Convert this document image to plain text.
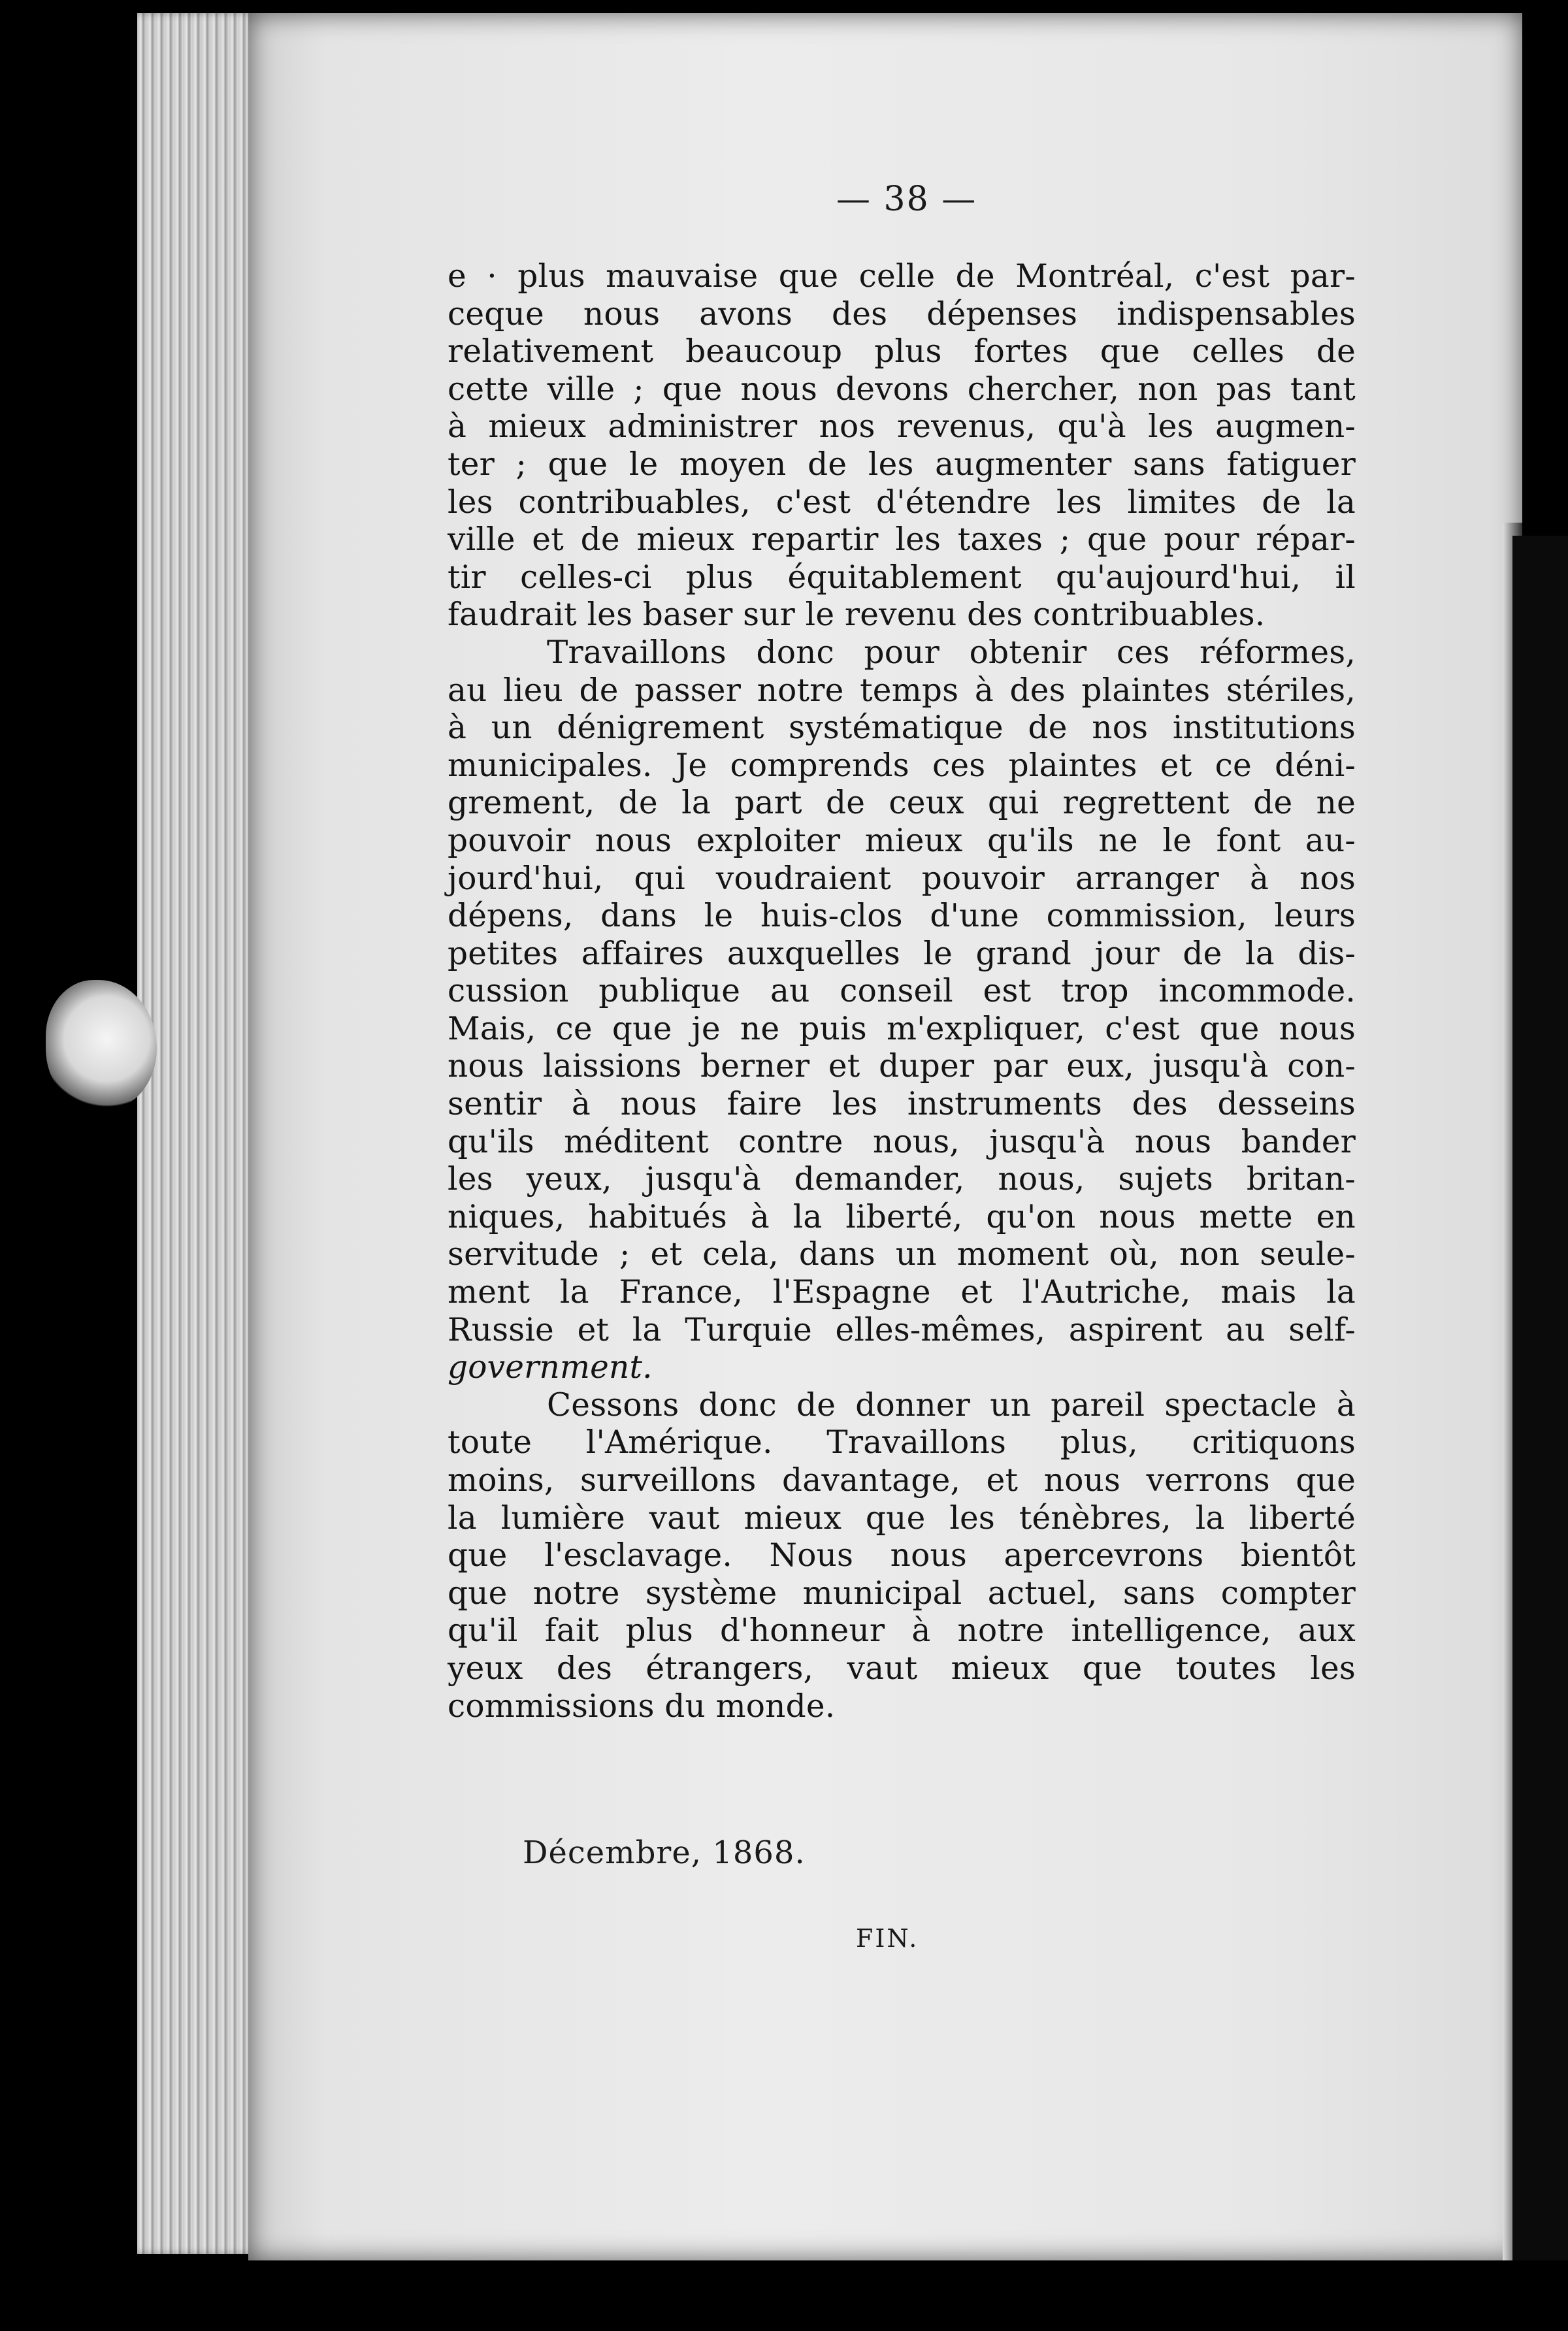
— 38 —
e · plus mauvaise que celle de Montréal, c'est par-
ceque nous avons des dépenses indispensables
relativement beaucoup plus fortes que celles de
cette ville ; que nous devons chercher, non pas tant
à mieux administrer nos revenus, qu'à les augmen-
ter ; que le moyen de les augmenter sans fatiguer
les contribuables, c'est d'étendre les limites de la
ville et de mieux repartir les taxes ; que pour répar-
tir celles-ci plus équitablement qu'aujourd'hui, il
faudrait les baser sur le revenu des contribuables.
Travaillons donc pour obtenir ces réformes,
au lieu de passer notre temps à des plaintes stériles,
à un dénigrement systématique de nos institutions
municipales. Je comprends ces plaintes et ce déni-
grement, de la part de ceux qui regrettent de ne
pouvoir nous exploiter mieux qu'ils ne le font au-
jourd'hui, qui voudraient pouvoir arranger à nos
dépens, dans le huis-clos d'une commission, leurs
petites affaires auxquelles le grand jour de la dis-
cussion publique au conseil est trop incommode.
Mais, ce que je ne puis m'expliquer, c'est que nous
nous laissions berner et duper par eux, jusqu'à con-
sentir à nous faire les instruments des desseins
qu'ils méditent contre nous, jusqu'à nous bander
les yeux, jusqu'à demander, nous, sujets britan-
niques, habitués à la liberté, qu'on nous mette en
servitude ; et cela, dans un moment où, non seule-
ment la France, l'Espagne et l'Autriche, mais la
Russie et la Turquie elles-mêmes, aspirent au self-
government.
Cessons donc de donner un pareil spectacle à
toute l'Amérique. Travaillons plus, critiquons
moins, surveillons davantage, et nous verrons que
la lumière vaut mieux que les ténèbres, la liberté
que l'esclavage. Nous nous apercevrons bientôt
que notre système municipal actuel, sans compter
qu'il fait plus d'honneur à notre intelligence, aux
yeux des étrangers, vaut mieux que toutes les
commissions du monde.
Décembre, 1868.
FIN.
